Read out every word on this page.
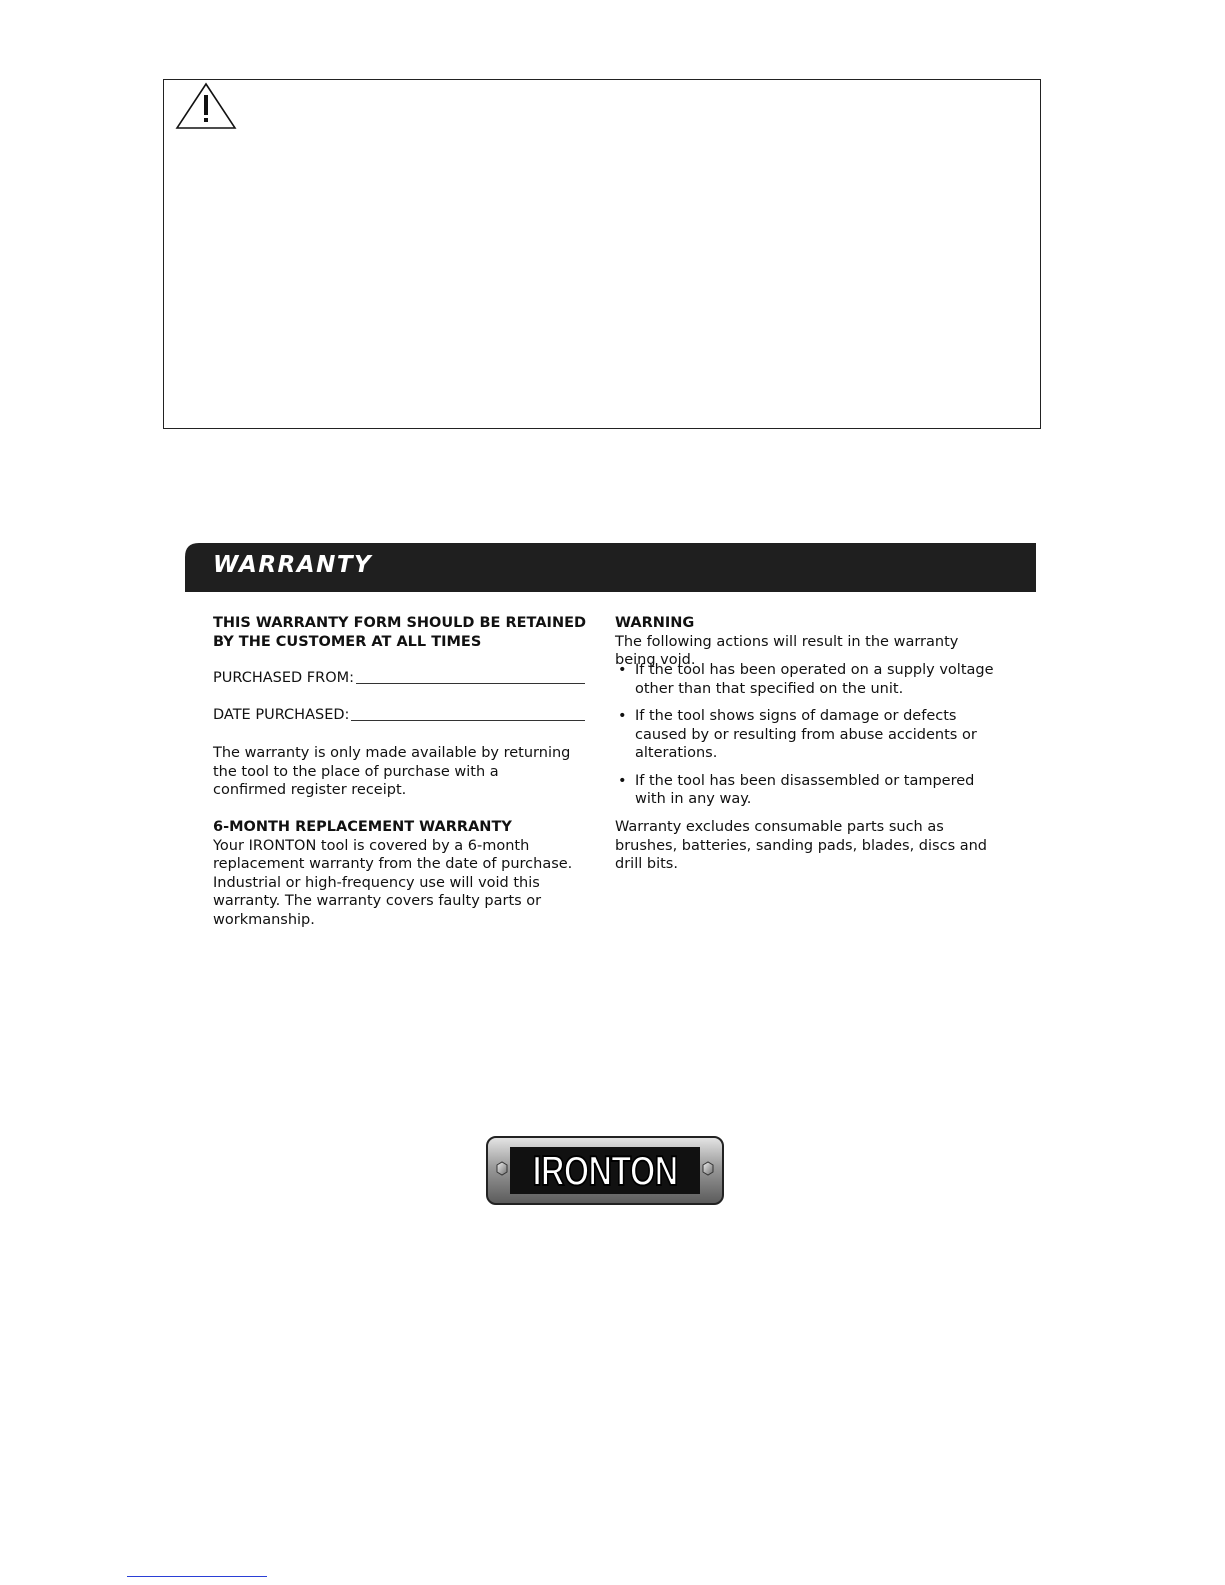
WARRANTY

THIS WARRANTY FORM SHOULD BE RETAINED

BY THE CUSTOMER AT ALL TIMES

PURCHASED FROM:
DATE PURCHASED:

The warranty is only made available by returning the tool to the place of purchase with a confirmed register receipt.

6-MONTH REPLACEMENT WARRANTY

Your IRONTON tool is covered by a 6-month replacement warranty from the date of purchase. Industrial or high-frequency use will void this warranty. The warranty covers faulty parts or workmanship.

WARNING

The following actions will result in the warranty being void.

• If the tool has been operated on a supply voltage other than that specified on the unit.
• If the tool shows signs of damage or defects caused by or resulting from abuse accidents or alterations.
• If the tool has been disassembled or tampered with in any way.

Warranty excludes consumable parts such as brushes, batteries, sanding pads, blades, discs and drill bits.

IRONTON
